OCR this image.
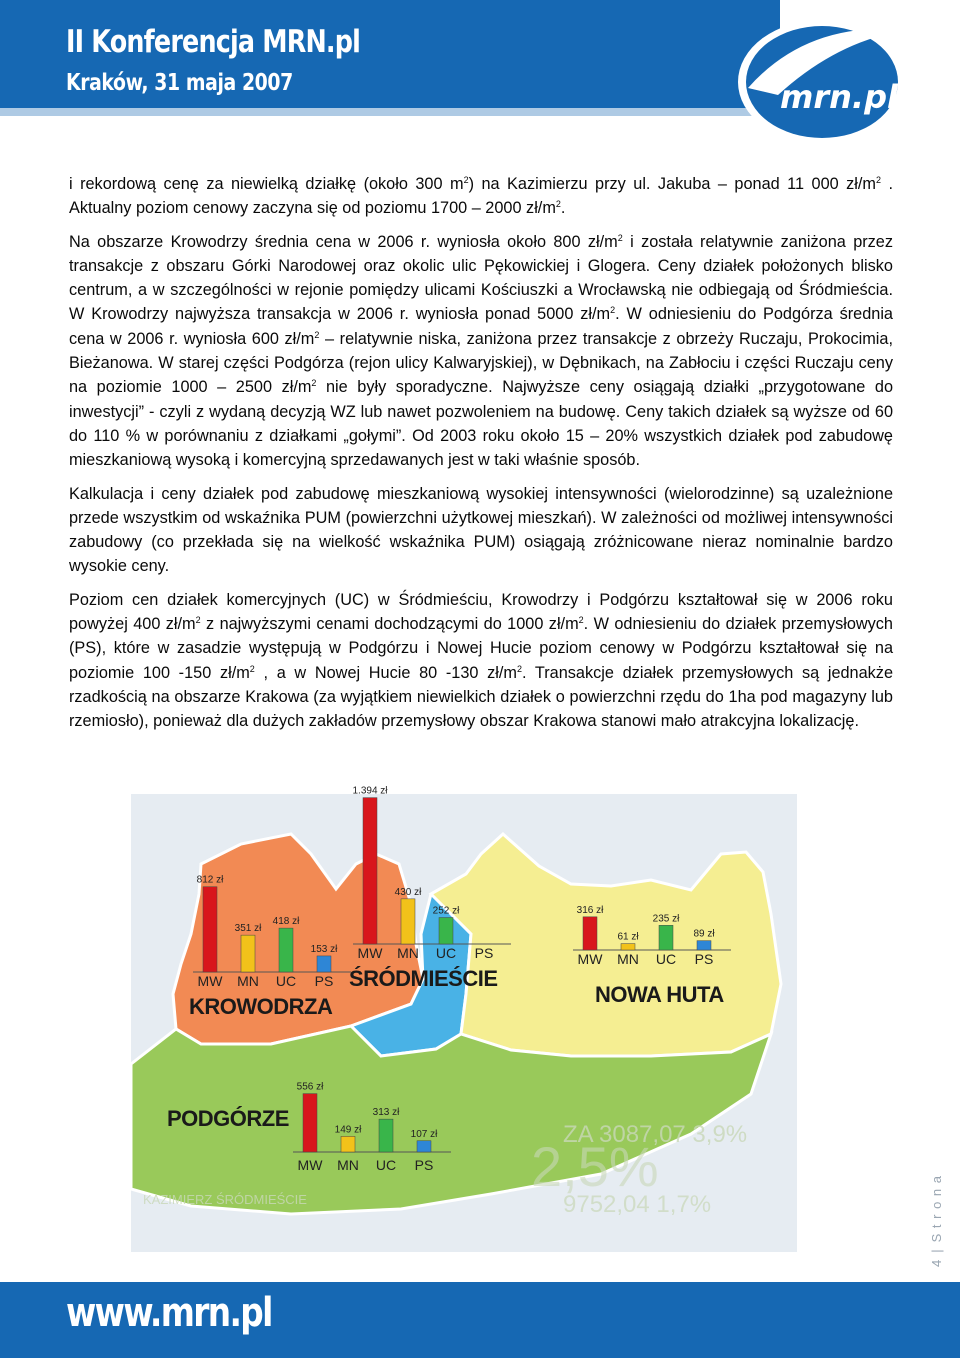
II Konferencja MRN.pl
Kraków, 31 maja 2007	mrn.pl

i rekordową cenę za niewielką działkę (około 300 $m^2$) na Kazimierzu przy ul. Jakuba – ponad 11 000 $zł/m^2$ . Aktualny poziom cenowy zaczyna się od poziomu 1700 – 2000 $zł/m^2$.

Na obszarze Krowodrzy średnia cena w 2006 r. wyniosła około 800 $zł/m^2$ i została relatywnie zaniżona przez transakcje z obszaru Górki Narodowej oraz okolic ulic Pękowickiej i Glogera. Ceny działek położonych blisko centrum, a w szczególności w rejonie pomiędzy ulicami Kościuszki a Wrocławską nie odbiegają od Śródmieścia. W Krowodrzy najwyższa transakcja w 2006 r. wyniosła ponad 5000 $zł/m^2$. W odniesieniu do Podgórza średnia cena w 2006 r. wyniosła 600 $zł/m^2$ – relatywnie niska, zaniżona przez transakcje z obrzeży Ruczaju, Prokocimia, Bieżanowa. W starej części Podgórza (rejon ulicy Kalwaryjskiej), w Dębnikach, na Zabłociu i części Ruczaju ceny na poziomie 1000 – 2500 $zł/m^2$ nie były sporadyczne. Najwyższe ceny osiągają działki „przygotowane do inwestycji” - czyli z wydaną decyzją WZ lub nawet pozwoleniem na budowę. Ceny takich działek są wyższe od 60 do 110 % w porównaniu z działkami „gołymi”. Od 2003 roku około 15 – 20% wszystkich działek pod zabudowę mieszkaniową wysoką i komercyjną sprzedawanych jest w taki właśnie sposób.

Kalkulacja i ceny działek pod zabudowę mieszkaniową wysokiej intensywności (wielorodzinne) są uzależnione przede wszystkim od wskaźnika PUM (powierzchni użytkowej mieszkań). W zależności od możliwej intensywności zabudowy (co przekłada się na wielkość wskaźnika PUM) osiągają zróżnicowane nieraz nominalnie bardzo wysokie ceny.

Poziom cen działek komercyjnych (UC) w Śródmieściu, Krowodrzy i Podgórzu kształtował się w 2006 roku powyżej 400 $zł/m^2$ z najwyższymi cenami dochodzącymi do 1000 $zł/m^2$. W odniesieniu do działek przemysłowych (PS), które w zasadzie występują w Podgórzu i Nowej Hucie poziom cenowy w Podgórzu kształtował się na poziomie 100 -150 $zł/m^2$ , a w Nowej Hucie 80 -130 $zł/m^2$. Transakcje działek przemysłowych są jednakże rzadkością na obszarze Krakowa (za wyjątkiem niewielkich działek o powierzchni rzędu do 1ha pod magazyny lub rzemiosło), ponieważ dla dużych zakładów przemysłowy obszar Krakowa stanowi mało atrakcyjna lokalizację.

ZA 3087,07 3,9%
2,5%
9752,04 1,7%
KAZIMIERZ ŚRÓDMIEŚCIE
812 zł
351 zł
418 zł
153 zł
MW MN UC PS
KROWODRZA
1.394 zł
430 zł
252 zł
MW MN UC PS
ŚRÓDMIEŚCIE
316 zł
61 zł
235 zł
89 zł
MW MN UC PS
NOWA HUTA
556 zł
149 zł
313 zł
107 zł
MW MN UC PS
PODGÓRZE
4|S t r o n a
www.mrn.pl
